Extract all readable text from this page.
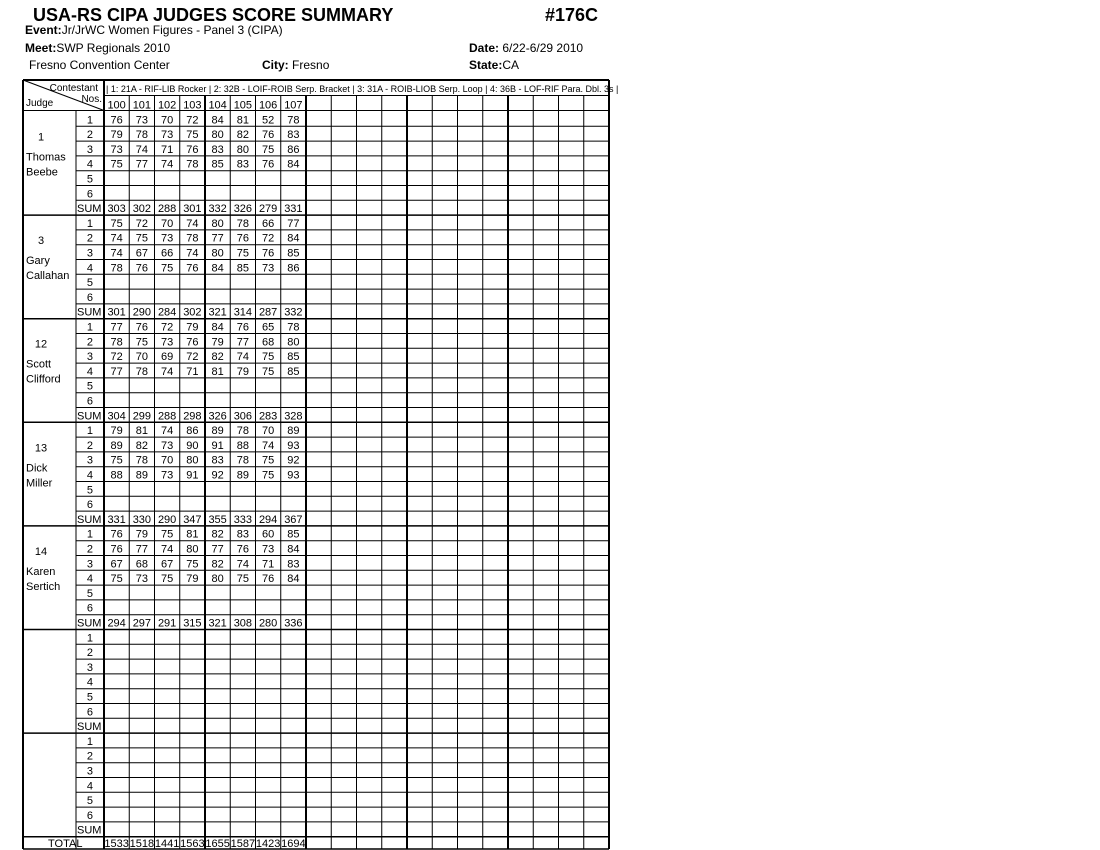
USA-RS CIPA JUDGES SCORE SUMMARY	#176C
Event:Jr/JrWC Women Figures - Panel 3 (CIPA)
Meet:SWP Regionals 2010	Date: 6/22-6/29 2010
Fresno Convention Center	City: Fresno	State:CA
Contestant
Nos.
Judge
| 1: 21A - RIF-LIB Rocker | 2: 32B - LOIF-ROIB Serp. Bracket | 3: 31A - ROIB-LIOB Serp. Loop | 4: 36B - LOF-RIF Para. Dbl. 3s |
100 101 102 103 104 105 106 107
1
Thomas
Beebe
1 76 73 70 72 84 81 52 78
2 79 78 73 75 80 82 76 83
3 73 74 71 76 83 80 75 86
4 75 77 74 78 85 83 76 84
5
6
SUM 303 302 288 301 332 326 279 331
3
Gary
Callahan
1 75 72 70 74 80 78 66 77
2 74 75 73 78 77 76 72 84
3 74 67 66 74 80 75 76 85
4 78 76 75 76 84 85 73 86
5
6
SUM 301 290 284 302 321 314 287 332
12
Scott
Clifford
1 77 76 72 79 84 76 65 78
2 78 75 73 76 79 77 68 80
3 72 70 69 72 82 74 75 85
4 77 78 74 71 81 79 75 85
5
6
SUM 304 299 288 298 326 306 283 328
13
Dick
Miller
1 79 81 74 86 89 78 70 89
2 89 82 73 90 91 88 74 93
3 75 78 70 80 83 78 75 92
4 88 89 73 91 92 89 75 93
5
6
SUM 331 330 290 347 355 333 294 367
14
Karen
Sertich
1 76 79 75 81 82 83 60 85
2 76 77 74 80 77 76 73 84
3 67 68 67 75 82 74 71 83
4 75 73 75 79 80 75 76 84
5
6
SUM 294 297 291 315 321 308 280 336
1
2
3
4
5
6
SUM
1
2
3
4
5
6
SUM
TOTAL 1533 1518 1441 1563 1655 1587 1423 1694
